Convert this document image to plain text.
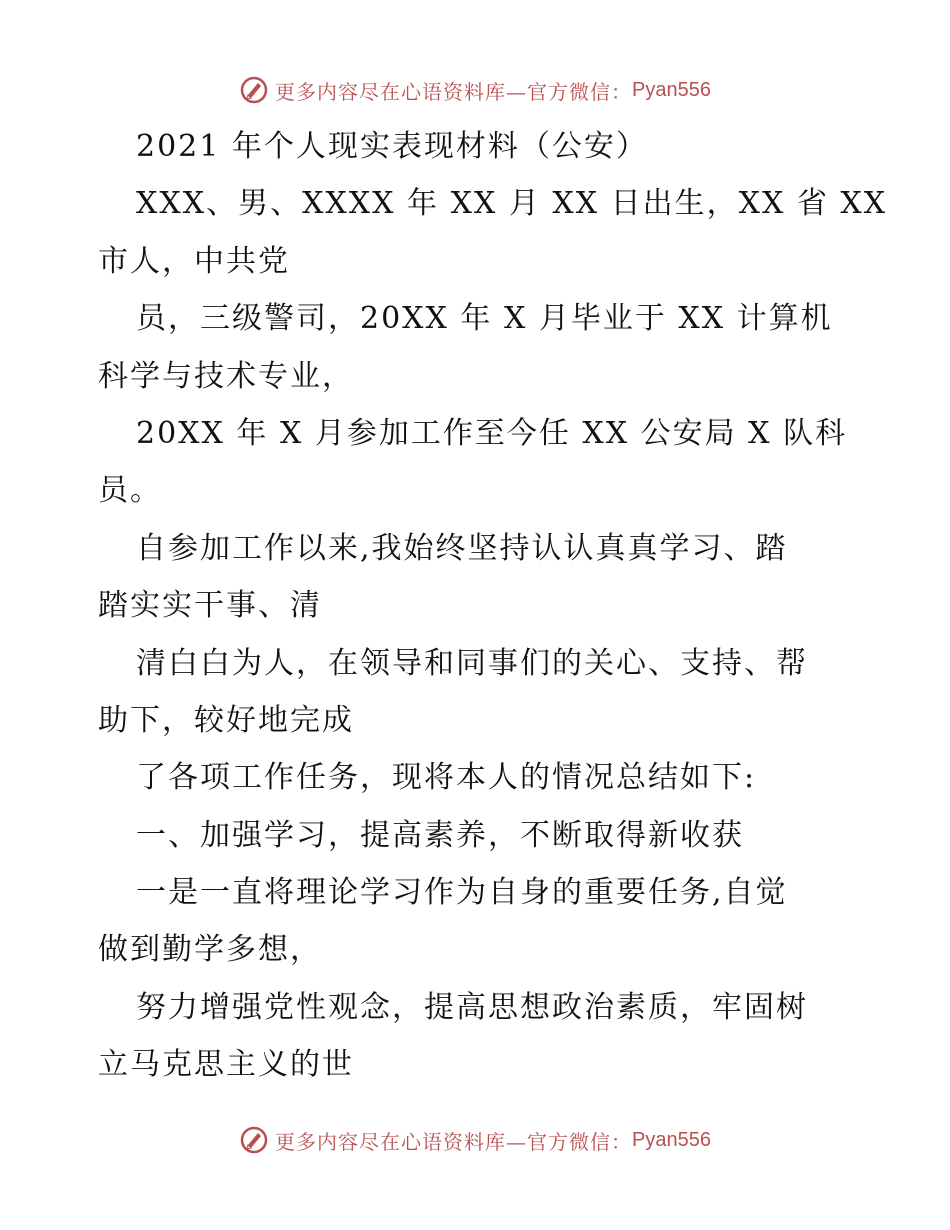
更多内容尽在心语资料库—官方微信： Pyan556
2021 年个人现实表现材料（公安）
XXX、男、XXXX 年 XX 月 XX 日出生，XX 省 XX
市人，中共党
员，三级警司，20XX 年 X 月毕业于 XX 计算机
科学与技术专业，
20XX 年 X 月参加工作至今任 XX 公安局 X 队科
员。
自参加工作以来,我始终坚持认认真真学习、踏
踏实实干事、清
清白白为人，在领导和同事们的关心、支持、帮
助下，较好地完成
了各项工作任务，现将本人的情况总结如下:
一、加强学习，提高素养，不断取得新收获
一是一直将理论学习作为自身的重要任务,自觉
做到勤学多想，
努力增强党性观念，提高思想政治素质，牢固树
立马克思主义的世
更多内容尽在心语资料库—官方微信： Pyan556
